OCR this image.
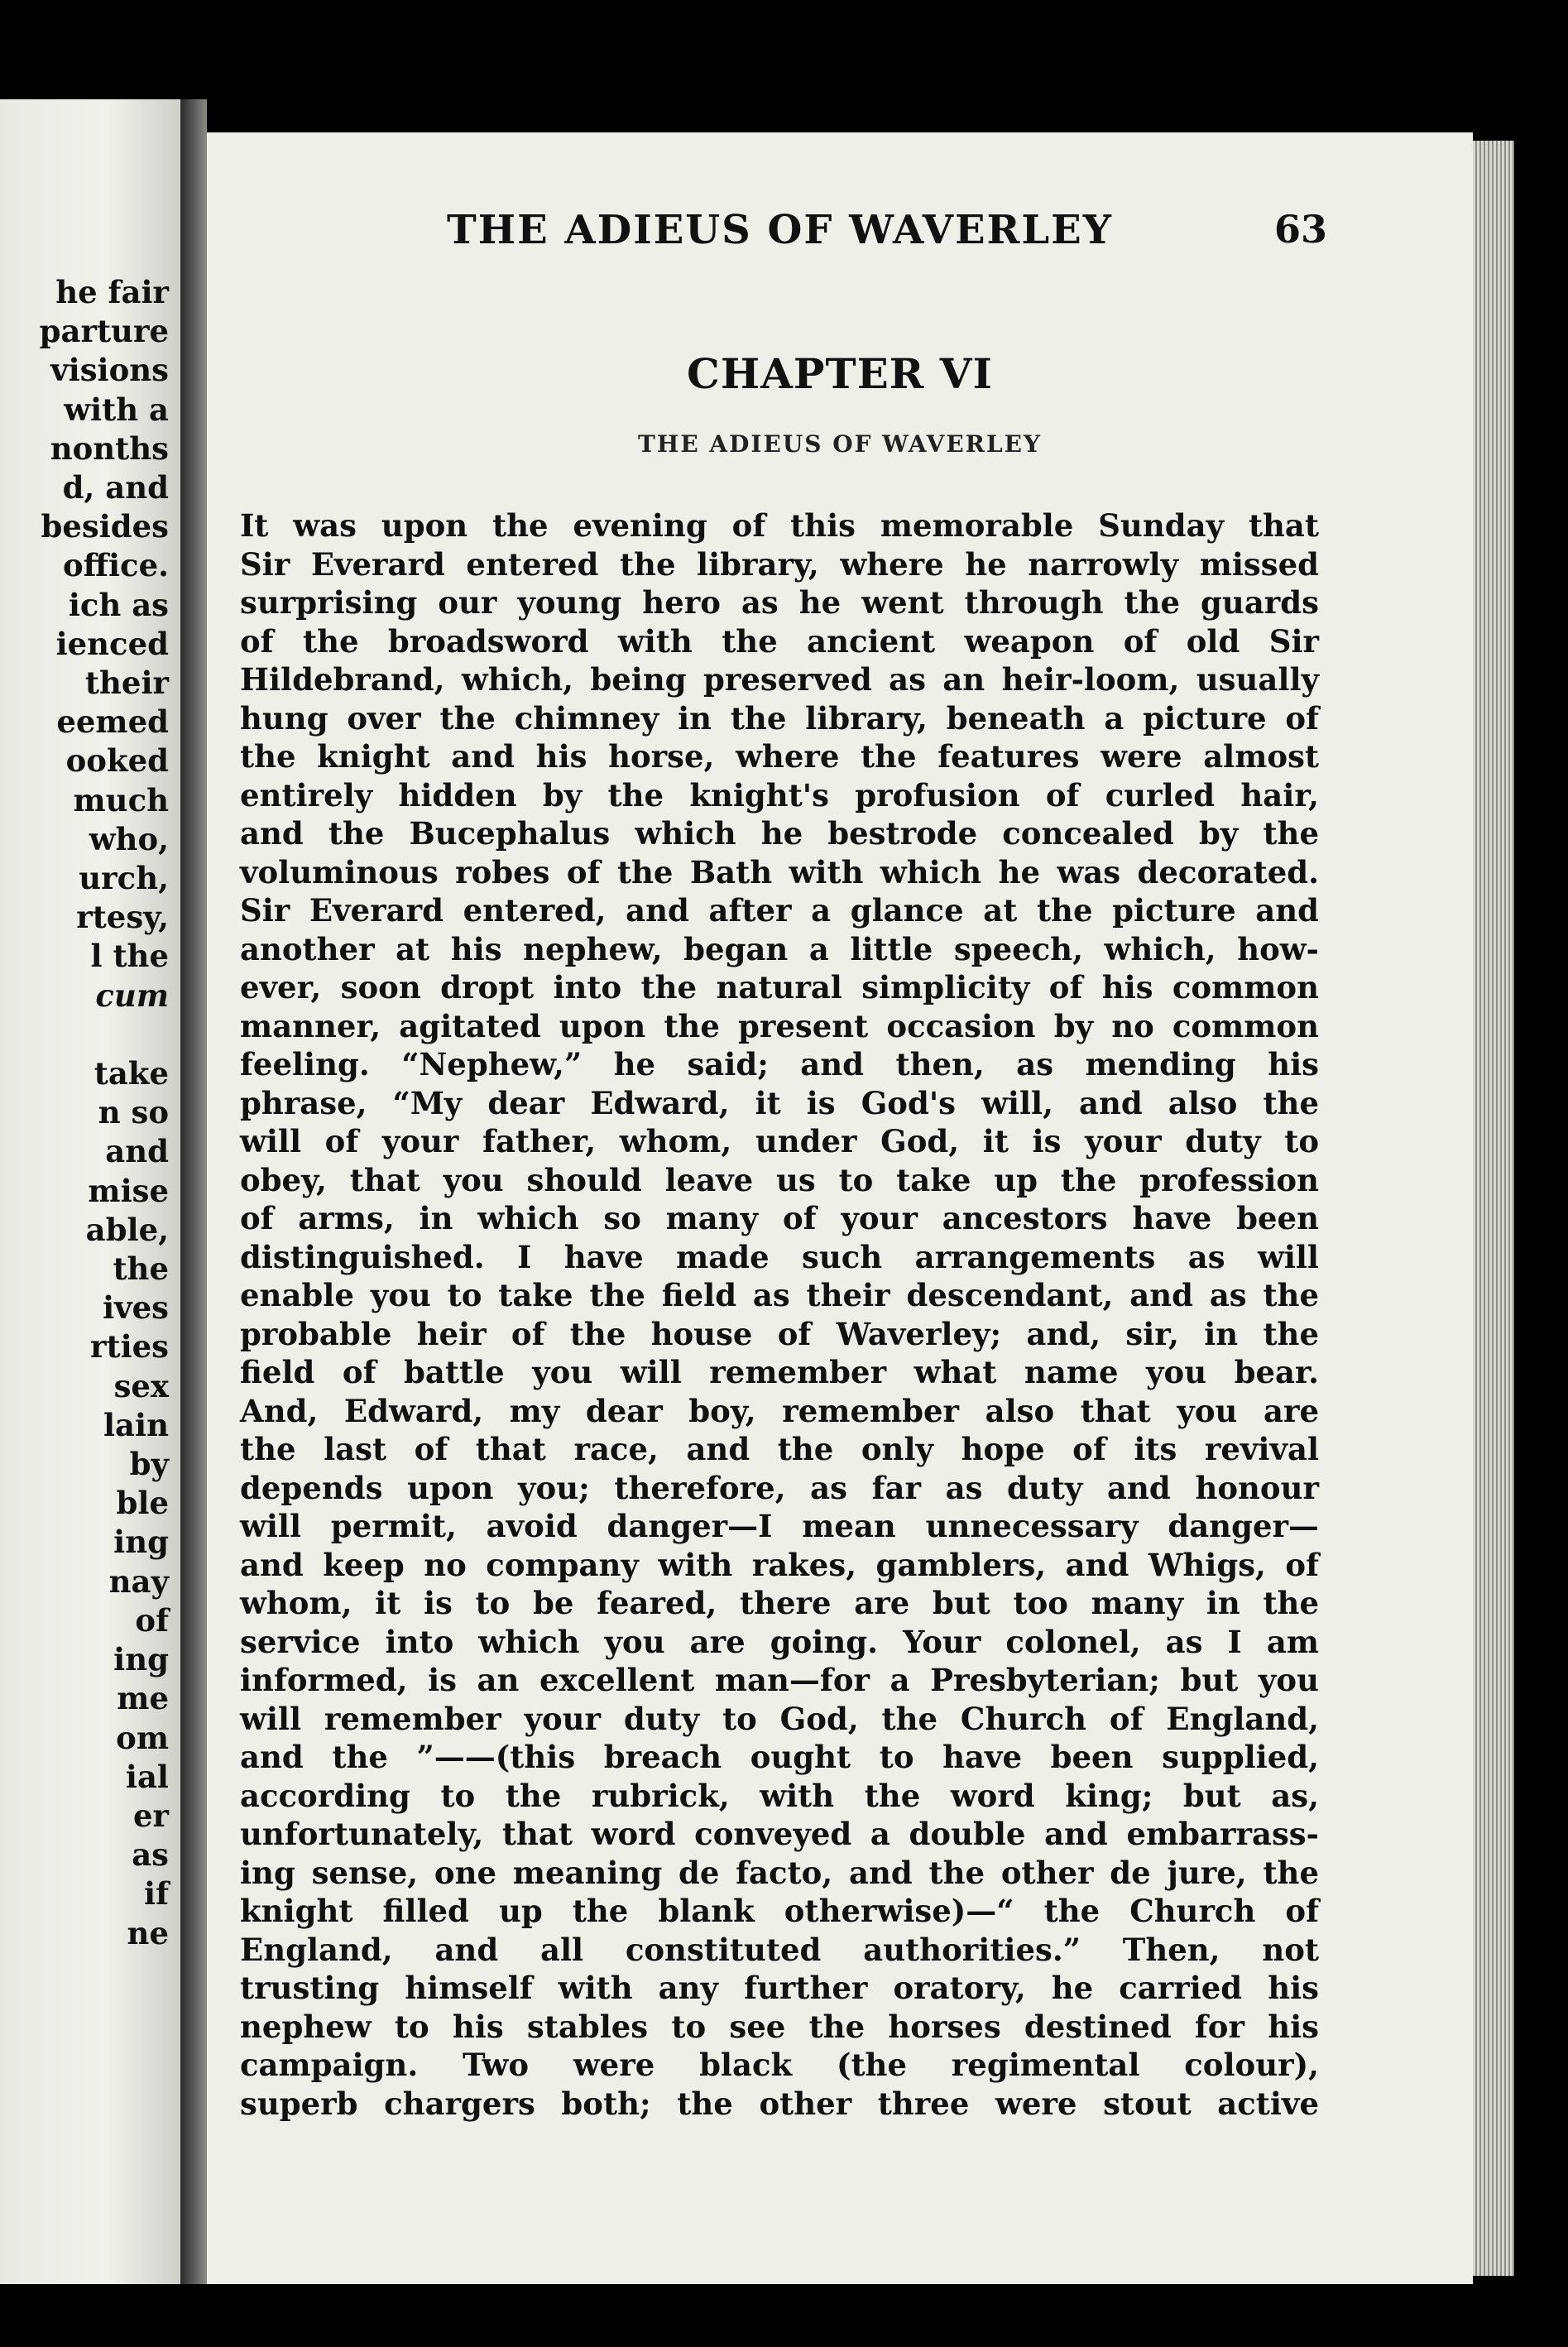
he fair
parture
visions
with a
nonths
d, and
besides
office.
ich as
ienced
their
eemed
ooked
much
who,
urch,
rtesy,
l the
cum
take
n so
and
mise
able,
the
ives
rties
sex
lain
by
ble
ing
nay
of
ing
me
om
ial
er
as
if
ne
THE ADIEUS OF WAVERLEY	63
CHAPTER VI
THE ADIEUS OF WAVERLEY
It was upon the evening of this memorable Sunday that
Sir Everard entered the library, where he narrowly missed
surprising our young hero as he went through the guards
of the broadsword with the ancient weapon of old Sir
Hildebrand, which, being preserved as an heir-loom, usually
hung over the chimney in the library, beneath a picture of
the knight and his horse, where the features were almost
entirely hidden by the knight's profusion of curled hair,
and the Bucephalus which he bestrode concealed by the
voluminous robes of the Bath with which he was decorated.
Sir Everard entered, and after a glance at the picture and
another at his nephew, began a little speech, which, how-
ever, soon dropt into the natural simplicity of his common
manner, agitated upon the present occasion by no common
feeling. “Nephew,” he said; and then, as mending his
phrase, “My dear Edward, it is God's will, and also the
will of your father, whom, under God, it is your duty to
obey, that you should leave us to take up the profession
of arms, in which so many of your ancestors have been
distinguished. I have made such arrangements as will
enable you to take the field as their descendant, and as the
probable heir of the house of Waverley; and, sir, in the
field of battle you will remember what name you bear.
And, Edward, my dear boy, remember also that you are
the last of that race, and the only hope of its revival
depends upon you; therefore, as far as duty and honour
will permit, avoid danger—I mean unnecessary danger—
and keep no company with rakes, gamblers, and Whigs, of
whom, it is to be feared, there are but too many in the
service into which you are going. Your colonel, as I am
informed, is an excellent man—for a Presbyterian; but you
will remember your duty to God, the Church of England,
and the ”——(this breach ought to have been supplied,
according to the rubrick, with the word king; but as,
unfortunately, that word conveyed a double and embarrass-
ing sense, one meaning de facto, and the other de jure, the
knight filled up the blank otherwise)—“ the Church of
England, and all constituted authorities.” Then, not
trusting himself with any further oratory, he carried his
nephew to his stables to see the horses destined for his
campaign. Two were black (the regimental colour),
superb chargers both; the other three were stout active
